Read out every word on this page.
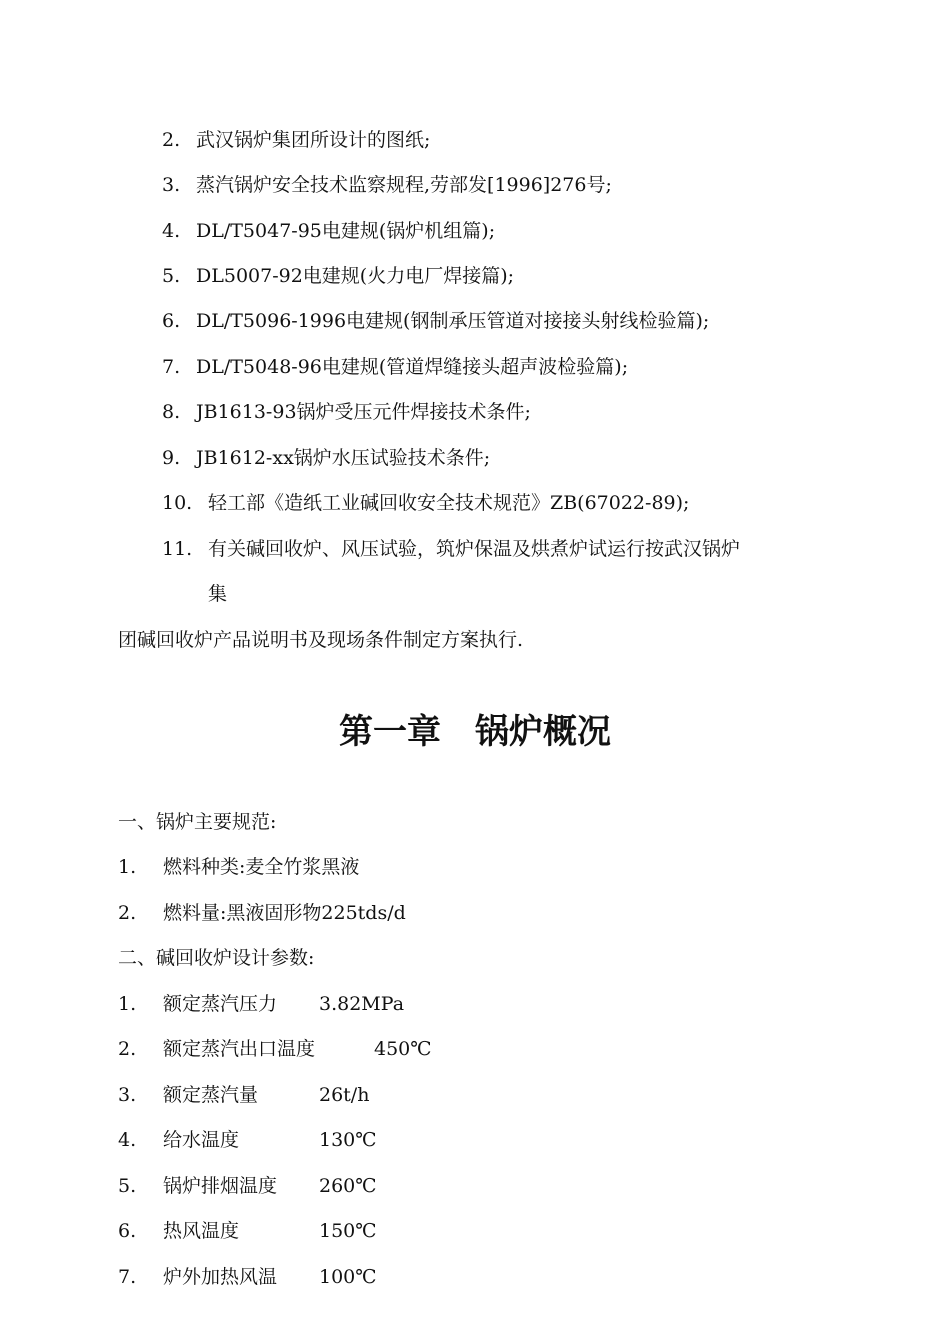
2. 武汉锅炉集团所设计的图纸;
3. 蒸汽锅炉安全技术监察规程,劳部发[1996]276号;
4. DL/T5047-95电建规(锅炉机组篇);
5. DL5007-92电建规(火力电厂焊接篇);
6. DL/T5096-1996电建规(钢制承压管道对接接头射线检验篇);
7. DL/T5048-96电建规(管道焊缝接头超声波检验篇);
8. JB1613-93锅炉受压元件焊接技术条件;
9. JB1612-xx锅炉水压试验技术条件;
10. 轻工部《造纸工业碱回收安全技术规范》ZB(67022-89);
11. 有关碱回收炉、风压试验，筑炉保温及烘煮炉试运行按武汉锅炉
集
团碱回收炉产品说明书及现场条件制定方案执行.
第一章　锅炉概况
一、锅炉主要规范:
1. 燃料种类:麦全竹浆黑液
2. 燃料量:黑液固形物225tds/d
二、碱回收炉设计参数:
1. 额定蒸汽压力 3.82MPa
2. 额定蒸汽出口温度	450℃
3. 额定蒸汽量	26t/h
4. 给水温度	130℃
5. 锅炉排烟温度 260℃
6. 热风温度	150℃
7. 炉外加热风温 100℃
